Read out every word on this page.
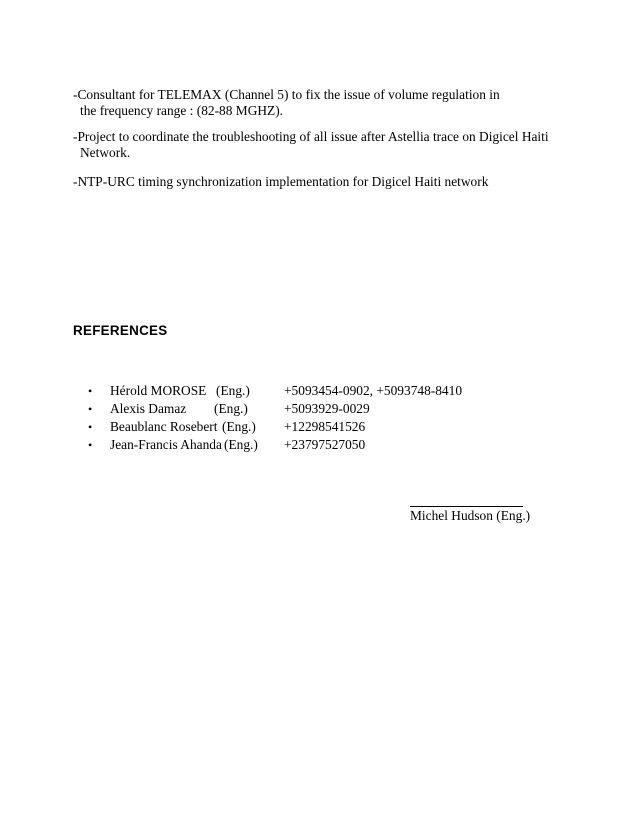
-Consultant for TELEMAX (Channel 5) to fix the issue of volume regulation in
the frequency range : (82-88 MGHZ).

-Project to coordinate the troubleshooting of all issue after Astellia trace on Digicel Haiti
Network.

-NTP-URC timing synchronization implementation for Digicel Haiti network

REFERENCES
• Hérold MOROSE (Eng.)	+5093454-0902, +5093748-8410
• Alexis Damaz (Eng.)	+5093929-0029
• Beaublanc Rosebert (Eng.) +12298541526
• Jean-Francis Ahanda (Eng.) +23797527050
Michel Hudson (Eng.)
